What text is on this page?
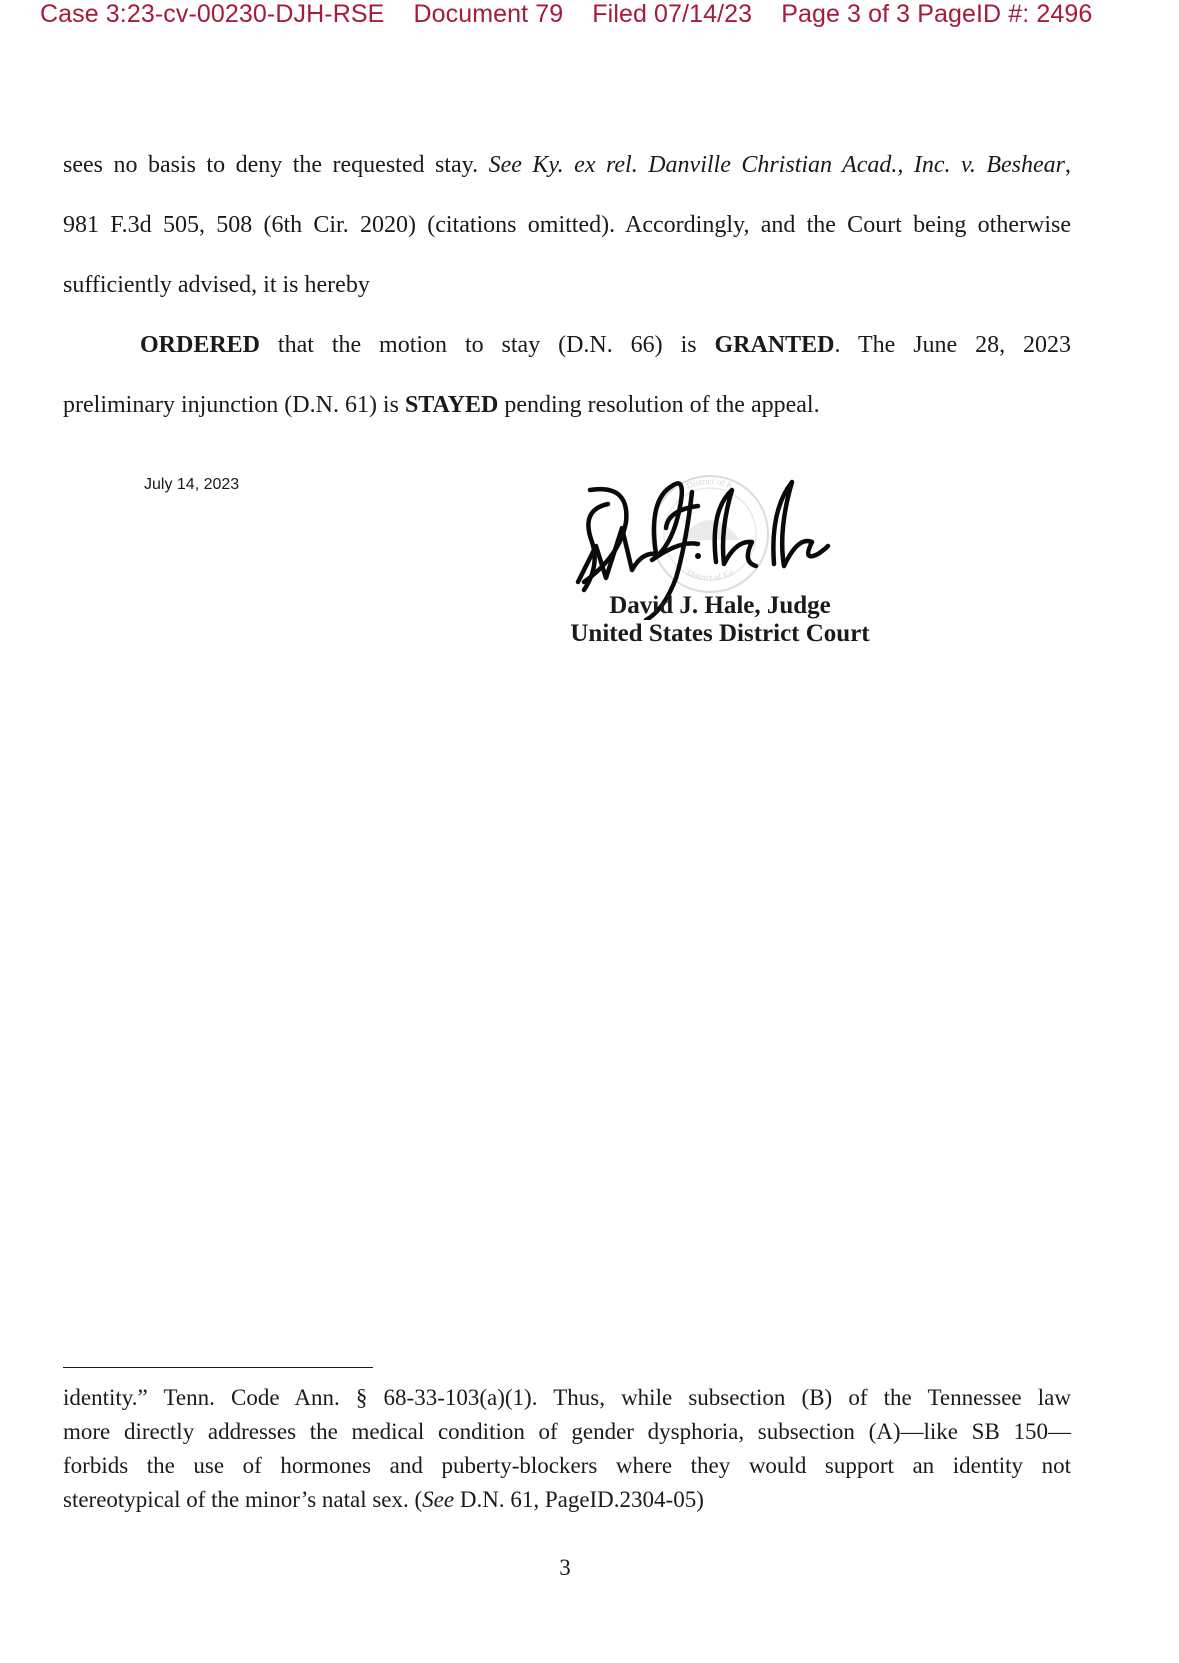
Case 3:23-cv-00230-DJH-RSE Document 79 Filed 07/14/23 Page 3 of 3 PageID #: 2496
sees no basis to deny the requested stay. See Ky. ex rel. Danville Christian Acad., Inc. v. Beshear,
981 F.3d 505, 508 (6th Cir. 2020) (citations omitted). Accordingly, and the Court being otherwise
sufficiently advised, it is hereby
ORDERED that the motion to stay (D.N. 66) is GRANTED. The June 28, 2023
preliminary injunction (D.N. 61) is STAYED pending resolution of the appeal.
July 14, 2023	District of K
District of Ke
David J. Hale, Judge
United States District Court
identity.” Tenn. Code Ann. § 68-33-103(a)(1). Thus, while subsection (B) of the Tennessee law
more directly addresses the medical condition of gender dysphoria, subsection (A)—like SB 150—
forbids the use of hormones and puberty-blockers where they would support an identity not
stereotypical of the minor’s natal sex. (See D.N. 61, PageID.2304-05)
3
